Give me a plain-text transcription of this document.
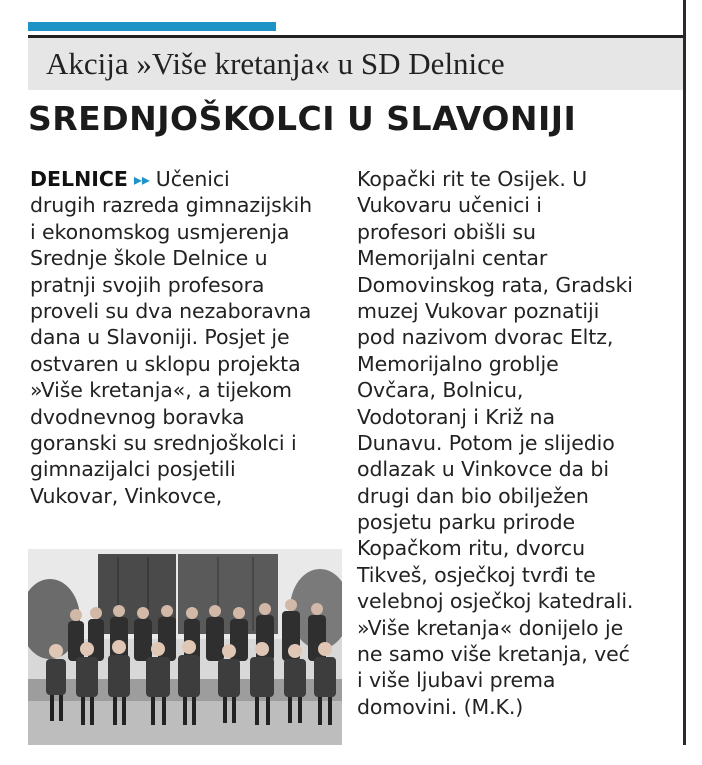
Akcija »Više kretanja« u SD Delnice
SREDNJOŠKOLCI U SLAVONIJI
DELNICE ▸▸ Učenici
drugih razreda gimnazijskih
i ekonomskog usmjerenja
Srednje škole Delnice u
pratnji svojih profesora
proveli su dva nezaboravna
dana u Slavoniji. Posjet je
ostvaren u sklopu projekta
»Više kretanja«, a tijekom
dvodnevnog boravka
goranski su srednjoškolci i
gimnazijalci posjetili
Vukovar, Vinkovce,
Kopački rit te Osijek. U
Vukovaru učenici i
profesori obišli su
Memorijalni centar
Domovinskog rata, Gradski
muzej Vukovar poznatiji
pod nazivom dvorac Eltz,
Memorijalno groblje
Ovčara, Bolnicu,
Vodotoranj i Križ na
Dunavu. Potom je slijedio
odlazak u Vinkovce da bi
drugi dan bio obilježen
posjetu parku prirode
Kopačkom ritu, dvorcu
Tikveš, osječkoj tvrđi te
velebnoj osječkoj katedrali.
»Više kretanja« donijelo je
ne samo više kretanja, već
i više ljubavi prema
domovini. (M.K.)
